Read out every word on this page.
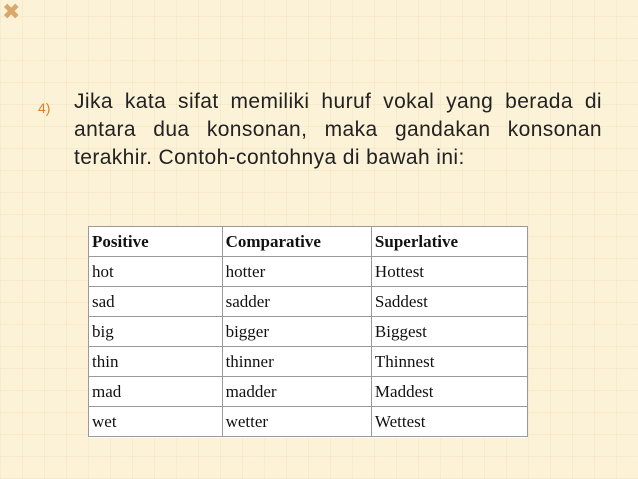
✖
4) Jika kata sifat memiliki huruf vokal yang berada di antara dua konsonan, maka gandakan konsonan terakhir. Contoh-contohnya di bawah ini:
Positive	Comparative	Superlative
hot	hotter	Hottest
sad	sadder	Saddest
big	bigger	Biggest
thin	thinner	Thinnest
mad	madder	Maddest
wet	wetter	Wettest
